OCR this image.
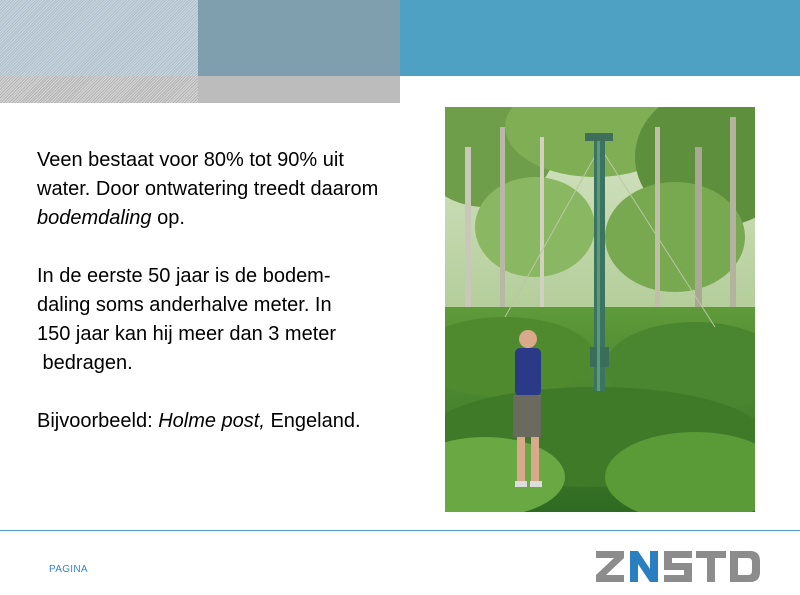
Veen bestaat voor 80% tot 90% uit

water. Door ontwatering treedt daarom

bodemdaling op.

In de eerste 50 jaar is de bodem-

daling soms anderhalve meter. In

150 jaar kan hij meer dan 3 meter

bedragen.

Bijvoorbeeld: Holme post, Engeland.

PAGINA
